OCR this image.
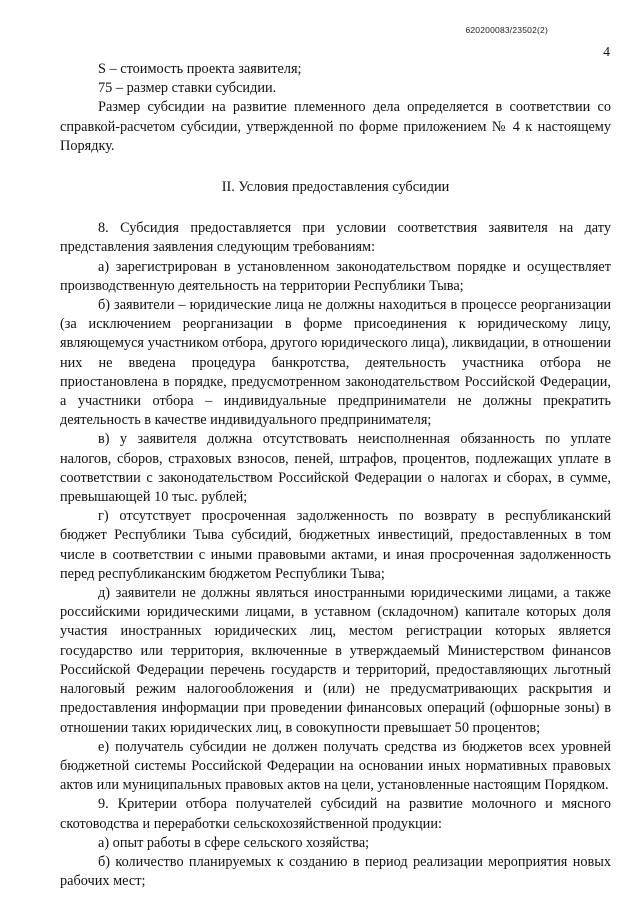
620200083/23502(2)
4

S – стоимость проекта заявителя;

75 – размер ставки субсидии.

Размер субсидии на развитие племенного дела определяется в соответствии со справкой-расчетом субсидии, утвержденной по форме приложением № 4 к настоящему Порядку.

II. Условия предоставления субсидии

8. Субсидия предоставляется при условии соответствия заявителя на дату представления заявления следующим требованиям:

а) зарегистрирован в установленном законодательством порядке и осуществляет производственную деятельность на территории Республики Тыва;

б) заявители – юридические лица не должны находиться в процессе реорганизации (за исключением реорганизации в форме присоединения к юридическому лицу, являющемуся участником отбора, другого юридического лица), ликвидации, в отношении них не введена процедура банкротства, деятельность участника отбора не приостановлена в порядке, предусмотренном законодательством Российской Федерации, а участники отбора – индивидуальные предприниматели не должны прекратить деятельность в качестве индивидуального предпринимателя;

в) у заявителя должна отсутствовать неисполненная обязанность по уплате налогов, сборов, страховых взносов, пеней, штрафов, процентов, подлежащих уплате в соответствии с законодательством Российской Федерации о налогах и сборах, в сумме, превышающей 10 тыс. рублей;

г) отсутствует просроченная задолженность по возврату в республиканский бюджет Республики Тыва субсидий, бюджетных инвестиций, предоставленных в том числе в соответствии с иными правовыми актами, и иная просроченная задолженность перед республиканским бюджетом Республики Тыва;

д) заявители не должны являться иностранными юридическими лицами, а также российскими юридическими лицами, в уставном (складочном) капитале которых доля участия иностранных юридических лиц, местом регистрации которых является государство или территория, включенные в утверждаемый Министерством финансов Российской Федерации перечень государств и территорий, предоставляющих льготный налоговый режим налогообложения и (или) не предусматривающих раскрытия и предоставления информации при проведении финансовых операций (офшорные зоны) в отношении таких юридических лиц, в совокупности превышает 50 процентов;

е) получатель субсидии не должен получать средства из бюджетов всех уровней бюджетной системы Российской Федерации на основании иных нормативных правовых актов или муниципальных правовых актов на цели, установленные настоящим Порядком.

9. Критерии отбора получателей субсидий на развитие молочного и мясного скотоводства и переработки сельскохозяйственной продукции:

а) опыт работы в сфере сельского хозяйства;

б) количество планируемых к созданию в период реализации мероприятия новых рабочих мест;
